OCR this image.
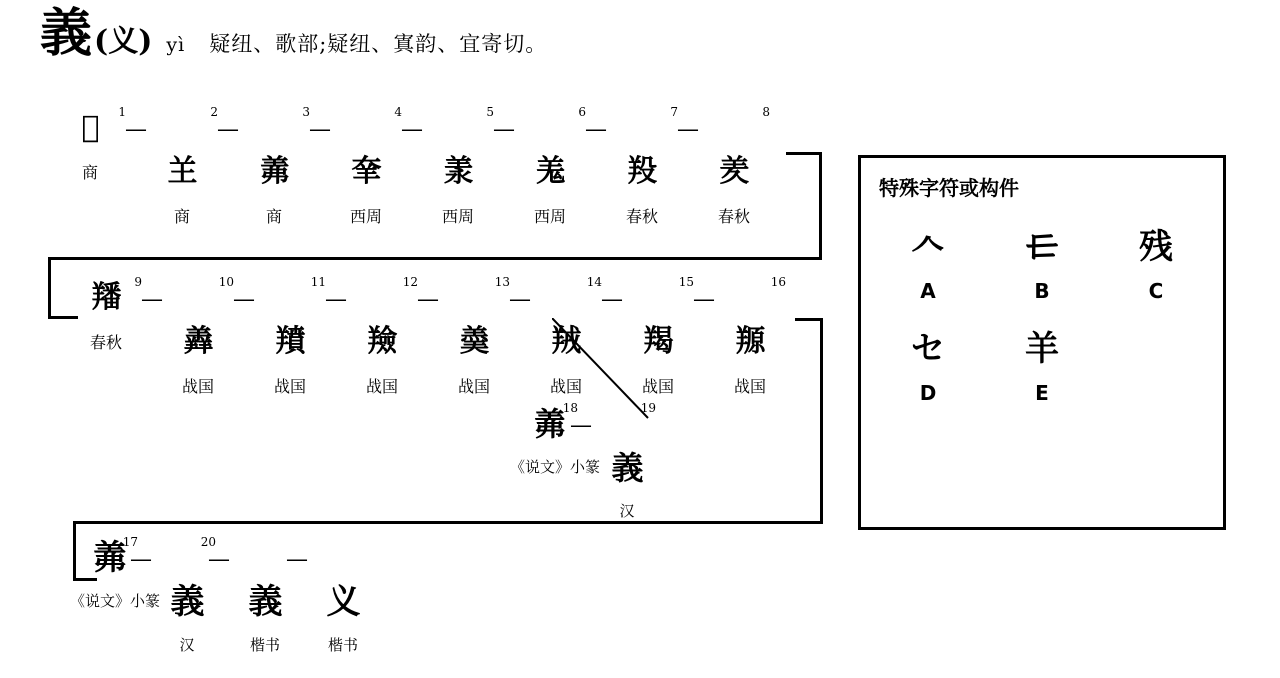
義 (义) yì 疑纽、歌部;疑纽、寘韵、宜寄切。
𦎫	1
商
—
𦍌
2
商
—
羛
3
商
—
羍
4
西周
—
羕
5
西周
—
羗
6
西周
—
羖
7
春秋
—
羑
8
春秋
羳	9
春秋
—
羴
10
战国
—
羵
11
战国
—
羷
12
战国
—
羮
13
战国
—
羢
14
战国
—
羯
15
战国
—
羱
16
战国
羛
18
《说文》小篆
—
義
19
汉
羛
17
《说文》小篆
—
義
20
汉
—
義
楷书
—
义
楷书
特殊字符或构件
𠆢
A
𰀂
B
残
C
セ
D
羊
E
